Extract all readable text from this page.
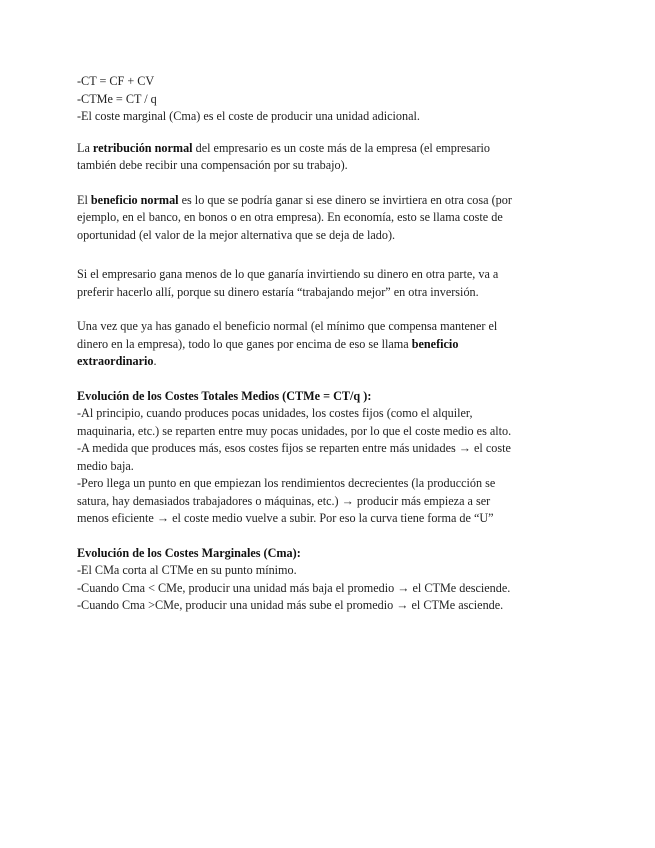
-CT = CF + CV
-CTMe = CT / q
-El coste marginal (Cma) es el coste de producir una unidad adicional.
La retribución normal del empresario es un coste más de la empresa (el empresario
también debe recibir una compensación por su trabajo).
El beneficio normal es lo que se podría ganar si ese dinero se invirtiera en otra cosa (por
ejemplo, en el banco, en bonos o en otra empresa). En economía, esto se llama coste de
oportunidad (el valor de la mejor alternativa que se deja de lado).
Si el empresario gana menos de lo que ganaría invirtiendo su dinero en otra parte, va a
preferir hacerlo allí, porque su dinero estaría “trabajando mejor” en otra inversión.
Una vez que ya has ganado el beneficio normal (el mínimo que compensa mantener el
dinero en la empresa), todo lo que ganes por encima de eso se llama beneficio
extraordinario.
Evolución de los Costes Totales Medios (CTMe = CT/q ):
-Al principio, cuando produces pocas unidades, los costes fijos (como el alquiler,
maquinaria, etc.) se reparten entre muy pocas unidades, por lo que el coste medio es alto.
-A medida que produces más, esos costes fijos se reparten entre más unidades → el coste
medio baja.
-Pero llega un punto en que empiezan los rendimientos decrecientes (la producción se
satura, hay demasiados trabajadores o máquinas, etc.) → producir más empieza a ser
menos eficiente → el coste medio vuelve a subir. Por eso la curva tiene forma de “U”
Evolución de los Costes Marginales (Cma):
-El CMa corta al CTMe en su punto mínimo.
-Cuando Cma < CMe, producir una unidad más baja el promedio → el CTMe desciende.
-Cuando Cma >CMe, producir una unidad más sube el promedio → el CTMe asciende.
